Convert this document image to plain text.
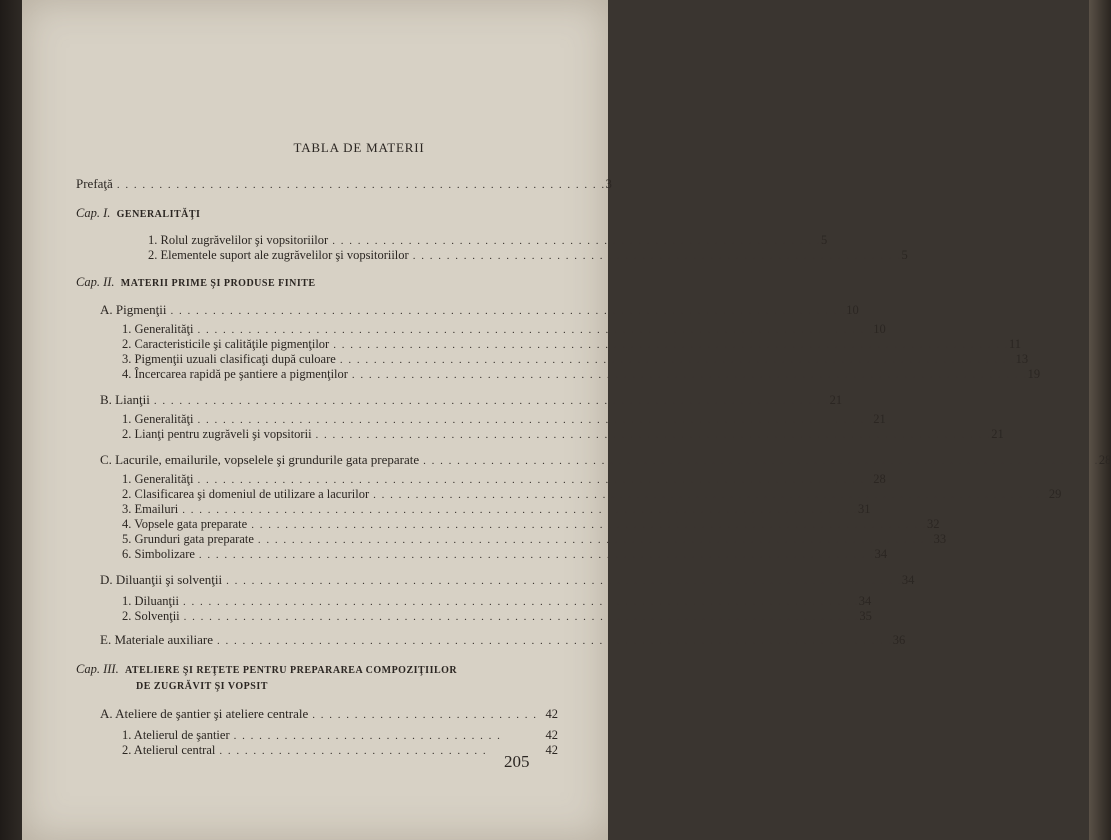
TABLA DE MATERII
Prefaţă . . . . . . . . . . . . . . . . . . . . . . . . . . . . . . . . . . . . . . . . . . . . . . . . . . . . . . . . . . 3
Cap. I.
GENERALITĂŢI
1. Rolul zugrăvelilor şi vopsitoriilor . . . . . . . . . . . . . . . . . . . . . . . . . . . . . . . . . . . . . . . . . . . . . . . . . . . . . . . . . . 5
2. Elementele suport ale zugrăvelilor şi vopsitoriilor . . . . . . . . . . . . . . . . . . . . . . . . . . . . . . . . . . . . . . . . . . . . . . . . . . . . . . . . . . 5
Cap. II.
MATERII PRIME ŞI PRODUSE FINITE
A. Pigmenţii . . . . . . . . . . . . . . . . . . . . . . . . . . . . . . . . . . . . . . . . . . . . . . . . . . . . . . . . . . . . . . . . . . . . . . . . . . . . . . . . 10
1. Generalităţi . . . . . . . . . . . . . . . . . . . . . . . . . . . . . . . . . . . . . . . . . . . . . . . . . . . . . . . . . . . . . . . . . . . . . . . . . . . . . . . . 10
2. Caracteristicile şi calităţile pigmenţilor . . . . . . . . . . . . . . . . . . . . . . . . . . . . . . . . . . . . . . . . . . . . . . . . . . . . . . . . . . . . . . . . . . . . . . . . . . . . . . . . 11
3. Pigmenţii uzuali clasificaţi după culoare . . . . . . . . . . . . . . . . . . . . . . . . . . . . . . . . . . . . . . . . . . . . . . . . . . . . . . . . . . . . . . . . . . . . . . . . . . . . . . . . 13
4. Încercarea rapidă pe şantiere a pigmenţilor . . . . . . . . . . . . . . . . . . . . . . . . . . . . . . . . . . . . . . . . . . . . . . . . . . . . . . . . . . . . . . . . . . . . . . . . . . . . . . . . 19
B. Lianţii . . . . . . . . . . . . . . . . . . . . . . . . . . . . . . . . . . . . . . . . . . . . . . . . . . . . . . . . . . . . . . . . . . . . . . . . . . . . . . . . 21
1. Generalităţi . . . . . . . . . . . . . . . . . . . . . . . . . . . . . . . . . . . . . . . . . . . . . . . . . . . . . . . . . . . . . . . . . . . . . . . . . . . . . . . . 21
2. Lianţi pentru zugrăveli şi vopsitorii . . . . . . . . . . . . . . . . . . . . . . . . . . . . . . . . . . . . . . . . . . . . . . . . . . . . . . . . . . . . . . . . . . . . . . . . . . . . . . . . 21
C. Lacurile, emailurile, vopselele şi grundurile gata preparate . . . . . . . . . . . . . . . . . . . . . . . . . . . . . . . . . . . . . . . . . . . . . . . . . . . . . . . . . . . . . . . . . . . . . . . . . . . . . . . . 28
1. Generalităţi . . . . . . . . . . . . . . . . . . . . . . . . . . . . . . . . . . . . . . . . . . . . . . . . . . . . . . . . . . . . . . . . . . . . . . . . . . . . . . . . 28
2. Clasificarea şi domeniul de utilizare a lacurilor . . . . . . . . . . . . . . . . . . . . . . . . . . . . . . . . . . . . . . . . . . . . . . . . . . . . . . . . . . . . . . . . . . . . . . . . . . . . . . . . 29
3. Emailuri . . . . . . . . . . . . . . . . . . . . . . . . . . . . . . . . . . . . . . . . . . . . . . . . . . . . . . . . . . . . . . . . . . . . . . . . . . . . . . . . 31
4. Vopsele gata preparate . . . . . . . . . . . . . . . . . . . . . . . . . . . . . . . . . . . . . . . . . . . . . . . . . . . . . . . . . . . . . . . . . . . . . . . . . . . . . . . . 32
5. Grunduri gata preparate . . . . . . . . . . . . . . . . . . . . . . . . . . . . . . . . . . . . . . . . . . . . . . . . . . . . . . . . . . . . . . . . . . . . . . . . . . . . . . . . 33
6. Simbolizare . . . . . . . . . . . . . . . . . . . . . . . . . . . . . . . . . . . . . . . . . . . . . . . . . . . . . . . . . . . . . . . . . . . . . . . . . . . . . . . . 34
D. Diluanţii şi solvenţii . . . . . . . . . . . . . . . . . . . . . . . . . . . . . . . . . . . . . . . . . . . . . . . . . . . . . . . . . . . . . . . . . . . . . . . . . . . . . . . . 34
1. Diluanţii . . . . . . . . . . . . . . . . . . . . . . . . . . . . . . . . . . . . . . . . . . . . . . . . . . . . . . . . . . . . . . . . . . . . . . . . . . . . . . . . 34
2. Solvenţii . . . . . . . . . . . . . . . . . . . . . . . . . . . . . . . . . . . . . . . . . . . . . . . . . . . . . . . . . . . . . . . . . . . . . . . . . . . . . . . . 35
E. Materiale auxiliare . . . . . . . . . . . . . . . . . . . . . . . . . . . . . . . . . . . . . . . . . . . . . . . . . . . . . . . . . . . . . . . . . . . . . . . . . . . . . . . . 36
Cap. III. ATELIERE ŞI REŢETE PENTRU PREPARAREA COMPOZIŢIILOR
DE ZUGRĂVIT ŞI VOPSIT
A. Ateliere de şantier şi ateliere centrale . . . . . . . . . . . . . . . . . . . . . . . . . . . 42
1. Atelierul de şantier . . . . . . . . . . . . . . . . . . . . . . . . . . . . . . . .	42
2. Atelierul central . . . . . . . . . . . . . . . . . . . . . . . . . . . . . . . .	42
205
